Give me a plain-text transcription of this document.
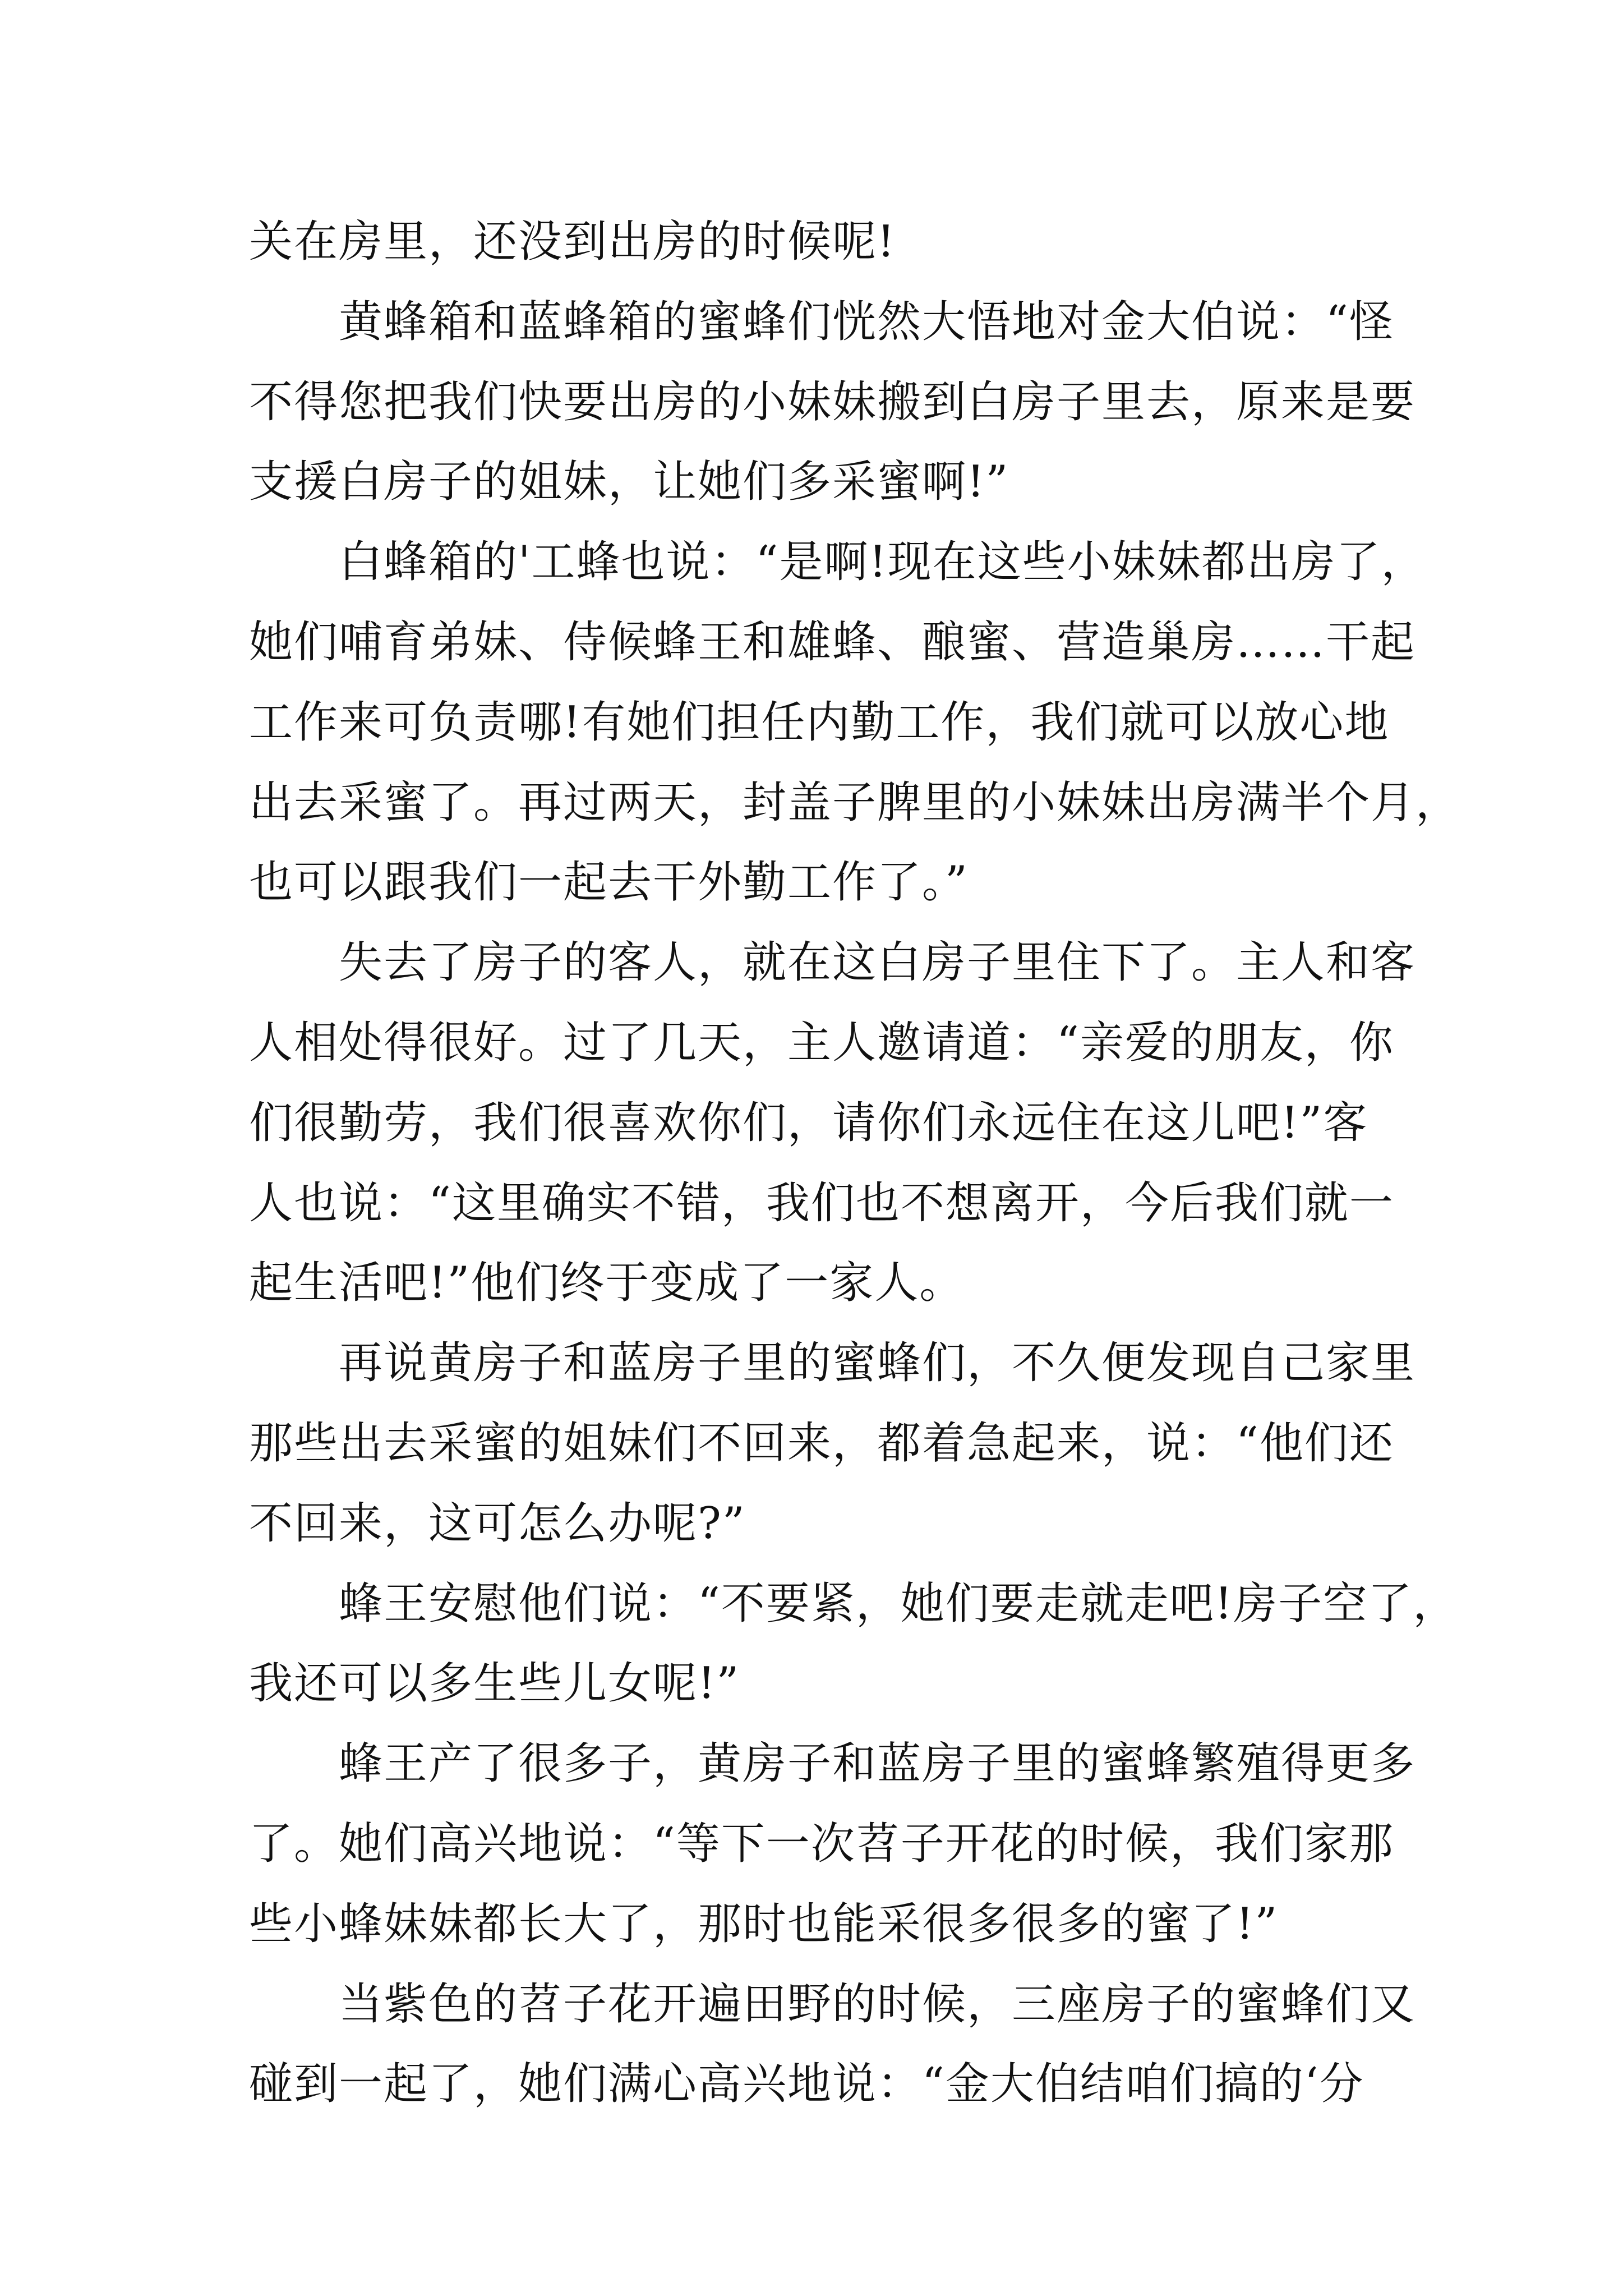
关在房里，还没到出房的时候呢!
黄蜂箱和蓝蜂箱的蜜蜂们恍然大悟地对金大伯说：“怪
不得您把我们快要出房的小妹妹搬到白房子里去，原来是要
支援白房子的姐妹，让她们多采蜜啊!”
白蜂箱的'工蜂也说：“是啊!现在这些小妹妹都出房了，
她们哺育弟妹、侍候蜂王和雄蜂、酿蜜、营造巢房……干起
工作来可负责哪!有她们担任内勤工作，我们就可以放心地
出去采蜜了。再过两天，封盖子脾里的小妹妹出房满半个月，
也可以跟我们一起去干外勤工作了。”
失去了房子的客人，就在这白房子里住下了。主人和客
人相处得很好。过了几天，主人邀请道：“亲爱的朋友，你
们很勤劳，我们很喜欢你们，请你们永远住在这儿吧!”客
人也说：“这里确实不错，我们也不想离开，今后我们就一
起生活吧!”他们终于变成了一家人。
再说黄房子和蓝房子里的蜜蜂们，不久便发现自己家里
那些出去采蜜的姐妹们不回来，都着急起来，说：“他们还
不回来，这可怎么办呢?”
蜂王安慰他们说：“不要紧，她们要走就走吧!房子空了，
我还可以多生些儿女呢!”
蜂王产了很多子，黄房子和蓝房子里的蜜蜂繁殖得更多
了。她们高兴地说：“等下一次苕子开花的时候，我们家那
些小蜂妹妹都长大了，那时也能采很多很多的蜜了!”
当紫色的苕子花开遍田野的时候，三座房子的蜜蜂们又
碰到一起了，她们满心高兴地说：“金大伯结咱们搞的‘分
